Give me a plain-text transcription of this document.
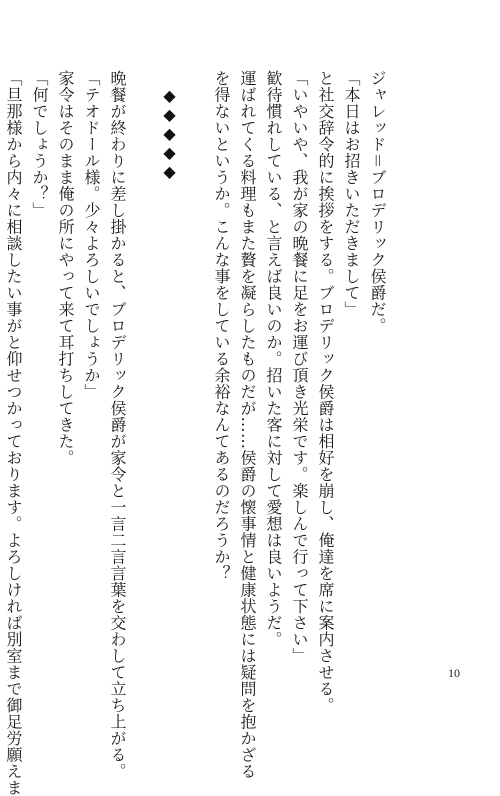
ジャレッド＝ブロデリック侯爵だ。
「本日はお招きいただきまして」
と社交辞令的に挨拶をする。ブロデリック侯爵は相好を崩し、俺達を席に案内させる。
「いやいや、我が家の晩餐に足をお運び頂き光栄です。楽しんで行って下さい」
歓待慣れしている、と言えば良いのか。招いた客に対して愛想は良いようだ。
運ばれてくる料理もまた贅を凝らしたものだが……侯爵の懐事情と健康状態には疑問を抱かざる
を得ないというか。こんな事をしている余裕なんてあるのだろうか？
◆◆◆◆◆
晩餐が終わりに差し掛かると、ブロデリック侯爵が家令と一言二言言葉を交わして立ち上がる。
「テオドール様。少々よろしいでしょうか」
家令はそのまま俺の所にやって来て耳打ちしてきた。
「何でしょうか？」
「旦那様から内々に相談したい事がと仰せつかっております。よろしければ別室まで御足労願えま	10
